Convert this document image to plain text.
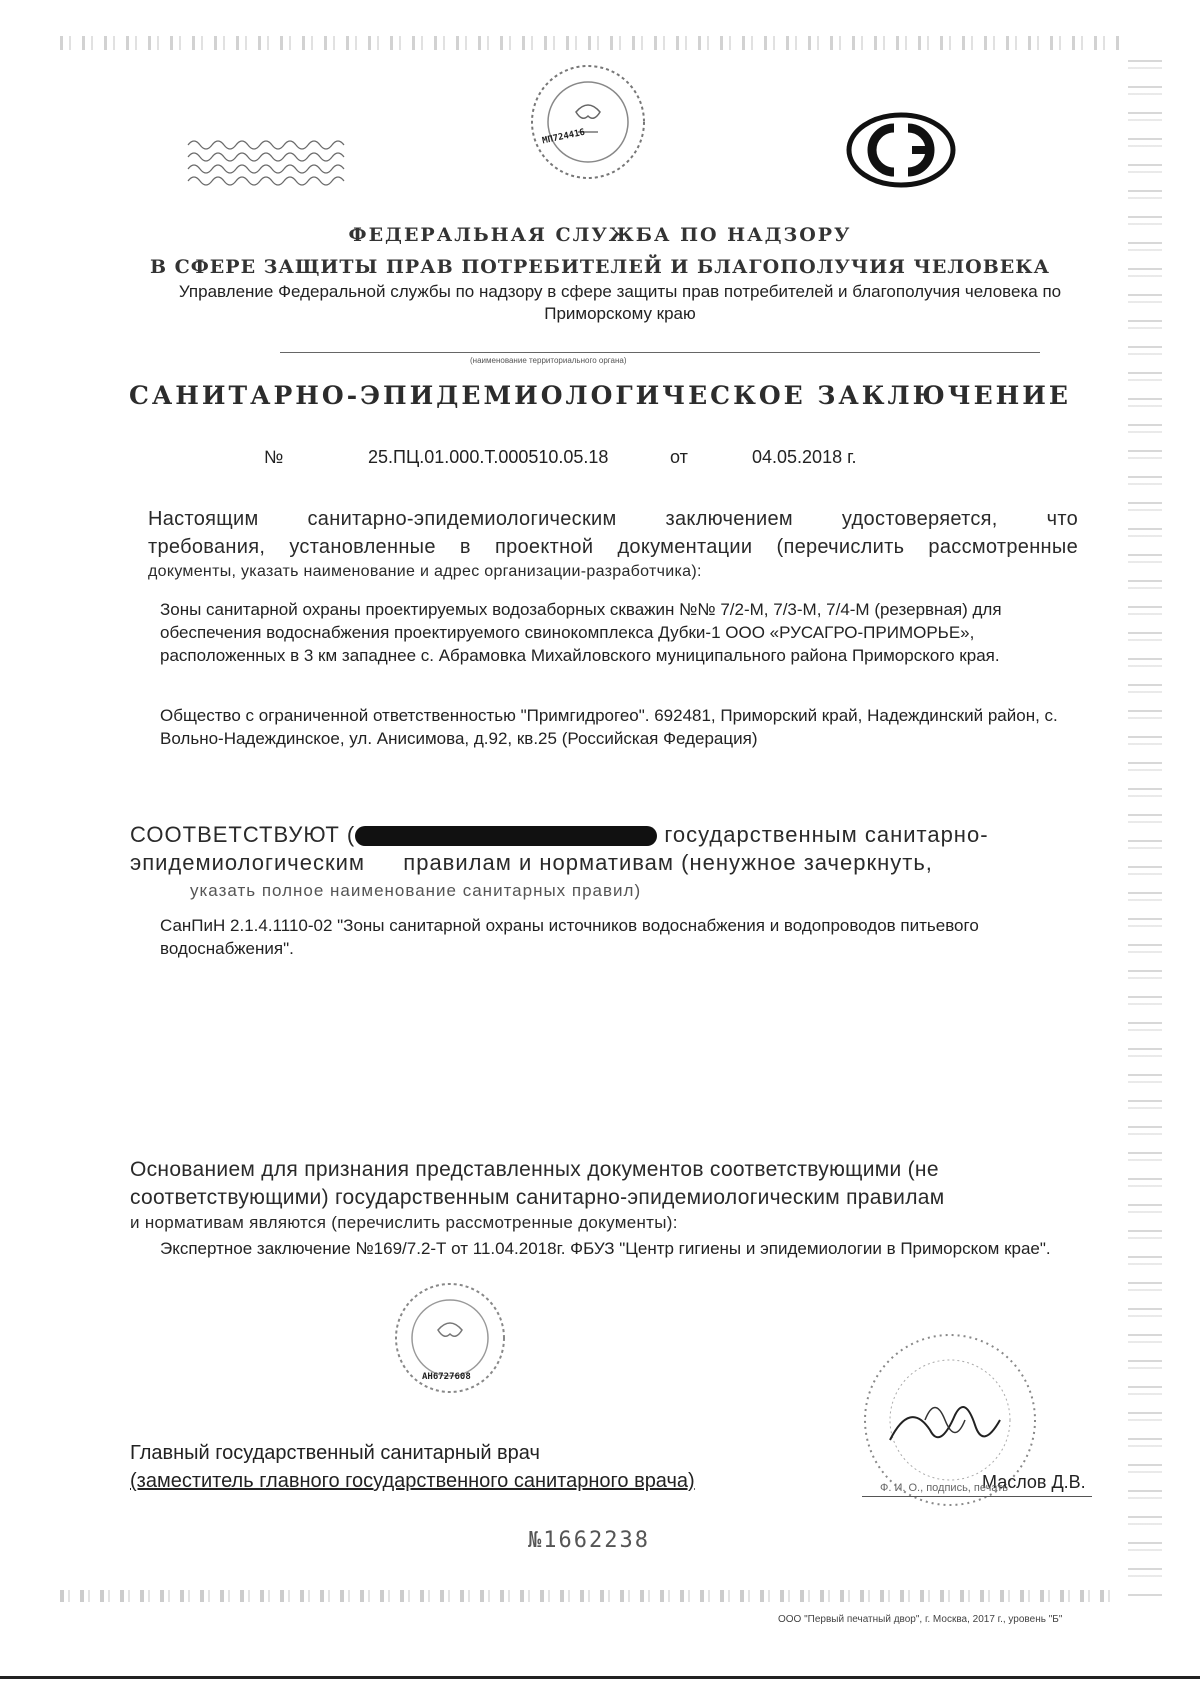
МП724416
ФЕДЕРАЛЬНАЯ СЛУЖБА ПО НАДЗОРУ
В СФЕРЕ ЗАЩИТЫ ПРАВ ПОТРЕБИТЕЛЕЙ И БЛАГОПОЛУЧИЯ ЧЕЛОВЕКА
Управление Федеральной службы по надзору в сфере защиты прав потребителей и благополучия человека по Приморскому краю
(наименование территориального органа)
САНИТАРНО-ЭПИДЕМИОЛОГИЧЕСКОЕ ЗАКЛЮЧЕНИЕ
№	25.ПЦ.01.000.Т.000510.05.18	от	04.05.2018 г.
Настоящим санитарно-эпидемиологическим заключением удостоверяется, что
требования, установленные в проектной документации (перечислить рассмотренные
документы, указать наименование и адрес организации-разработчика):
Зоны санитарной охраны проектируемых водозаборных скважин №№ 7/2-М, 7/3-М, 7/4-М (резервная) для обеспечения водоснабжения проектируемого свинокомплекса Дубки-1 ООО «РУСАГРО-ПРИМОРЬЕ», расположенных в 3 км западнее с. Абрамовка Михайловского муниципального района Приморского края.
Общество с ограниченной ответственностью "Примгидрогео". 692481, Приморский край, Надеждинский район, с. Вольно-Надеждинское, ул. Анисимова, д.92, кв.25 (Российская Федерация)
СООТВЕТСТВУЮТ (	государственным санитарно-
эпидемиологическим правилам и нормативам (ненужное зачеркнуть,
указать полное наименование санитарных правил)
СанПиН 2.1.4.1110-02 "Зоны санитарной охраны источников водоснабжения и водопроводов питьевого водоснабжения".
Основанием для признания представленных документов соответствующими (не
соответствующими) государственным санитарно-эпидемиологическим правилам
и нормативам являются (перечислить рассмотренные документы):
Экспертное заключение №169/7.2-Т от 11.04.2018г. ФБУЗ "Центр гигиены и эпидемиологии в Приморском крае".
АН6727608
Главный государственный санитарный врач
(заместитель главного государственного санитарного врача)	Маслов Д.В.
Ф. И. О., подпись, печать
№1662238
ООО "Первый печатный двор", г. Москва, 2017 г., уровень "Б"
